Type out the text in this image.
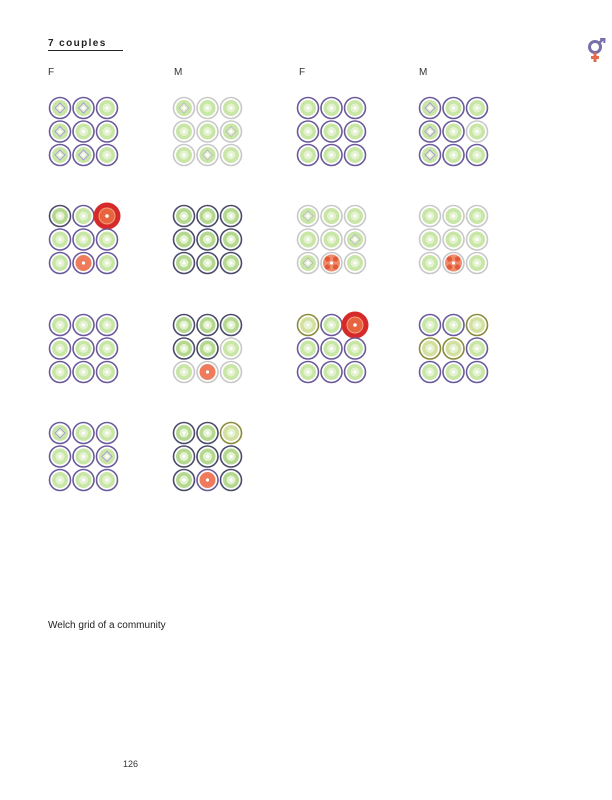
7 couples
F	M	F	M
Welch grid of a community
126
